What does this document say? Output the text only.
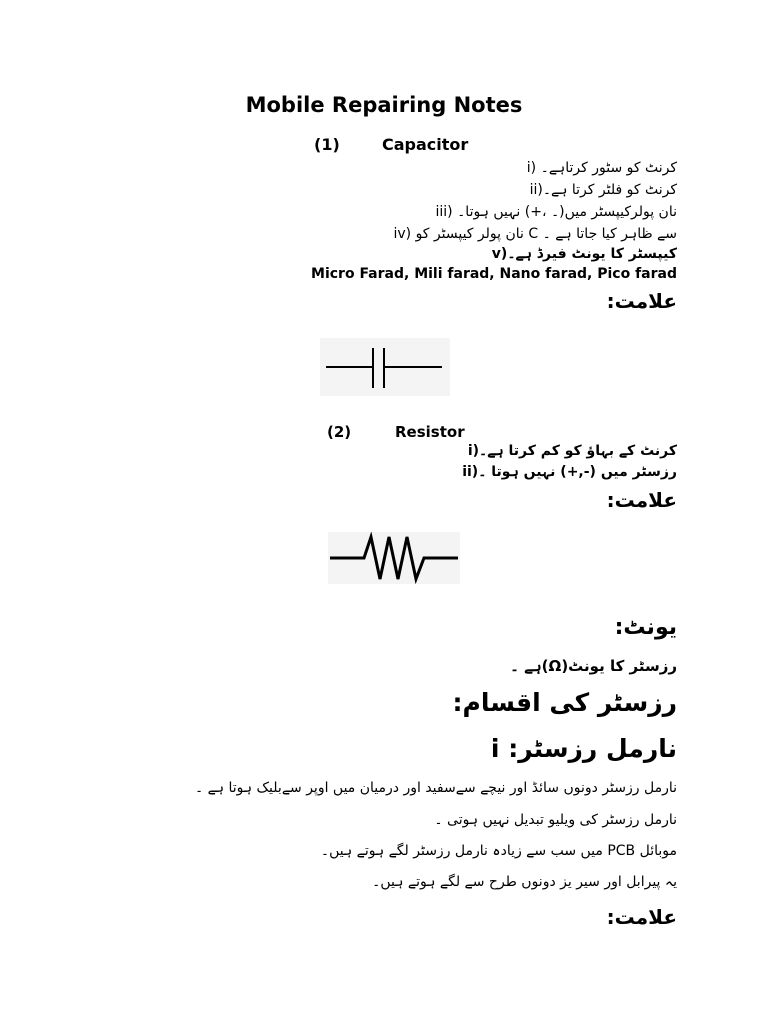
Mobile Repairing Notes
(1)	Capacitor
i) کرنٹ کو سٹور کرتاہے۔
ii)کرنٹ کو فلٹر کرتا ہے۔
iii) نان پولرکیپسٹر میں(۔ ،+) نہیں ہوتا۔
iv) نان پولر کیپسٹر کو C سے ظاہر کیا جاتا ہے ۔
v)کیپسٹر کا یونٹ فیرڈ ہے۔
Micro Farad, Mili farad, Nano farad, Pico farad
علامت:
(2)	Resistor
i)کرنٹ کے بہاؤ کو کم کرتا ہے۔
ii)رزسٹر میں (-,+) نہیں ہوتا ۔
علامت:
یونٹ:
رزسٹر کا یونٹ(Ω)ہے ۔
رزسٹر کی اقسام:
i :نارمل رزسٹر
نارمل رزسٹر دونوں سائڈ اور نیچے سےسفید اور درمیان میں اوپر سےبلیک ہوتا ہے ۔
نارمل رزسٹر کی ویلیو تبدیل نہیں ہوتی ۔
موبائل PCB میں سب سے زیادہ نارمل رزسٹر لگے ہوتے ہیں۔
یہ پیرابل اور سیر یز دونوں طرح سے لگے ہوتے ہیں۔
علامت:
